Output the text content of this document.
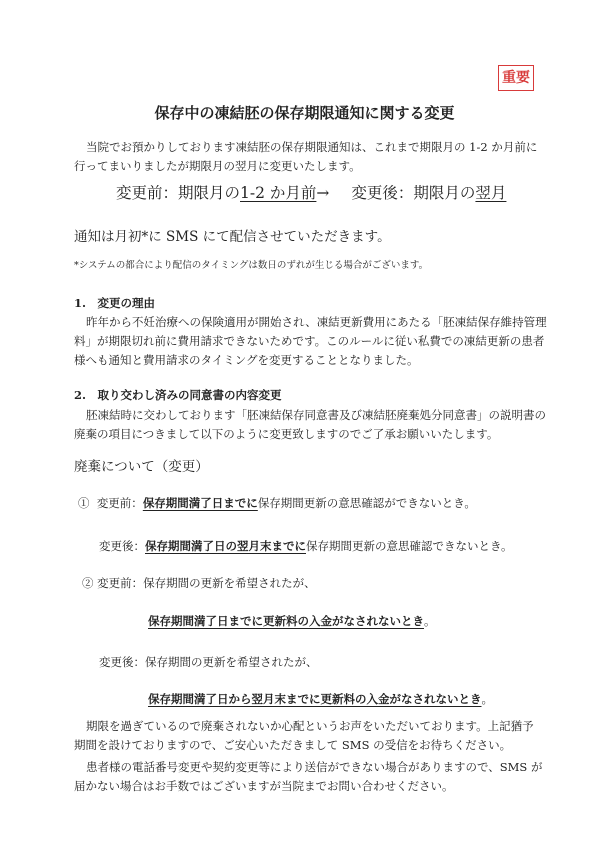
重要
保存中の凍結胚の保存期限通知に関する変更
当院でお預かりしております凍結胚の保存期限通知は、これまで期限月の 1-2 か月前に
行ってまいりましたが期限月の翌月に変更いたします。
変更前：期限月の1-2 か月前→ 変更後：期限月の翌月
通知は月初*に SMS にて配信させていただきます。
*システムの都合により配信のタイミングは数日のずれが生じる場合がございます。
1.　変更の理由
昨年から不妊治療への保険適用が開始され、凍結更新費用にあたる「胚凍結保存維持管理
料」が期限切れ前に費用請求できないためです。このルールに従い私費での凍結更新の患者
様へも通知と費用請求のタイミングを変更することとなりました。
2.　取り交わし済みの同意書の内容変更
胚凍結時に交わしております「胚凍結保存同意書及び凍結胚廃棄処分同意書」の説明書の
廃棄の項目につきまして以下のように変更致しますのでご了承お願いいたします。
廃棄について（変更）
① 変更前：保存期間満了日までに保存期間更新の意思確認ができないとき。
変更後：保存期間満了日の翌月末までに保存期間更新の意思確認できないとき。
② 変更前：保存期間の更新を希望されたが、
保存期間満了日までに更新料の入金がなされないとき。
変更後：保存期間の更新を希望されたが、
保存期間満了日から翌月末までに更新料の入金がなされないとき。
期限を過ぎているので廃棄されないか心配というお声をいただいております。上記猶予
期間を設けておりますので、ご安心いただきまして SMS の受信をお待ちください。
患者様の電話番号変更や契約変更等により送信ができない場合がありますので、SMS が
届かない場合はお手数ではございますが当院までお問い合わせください。
